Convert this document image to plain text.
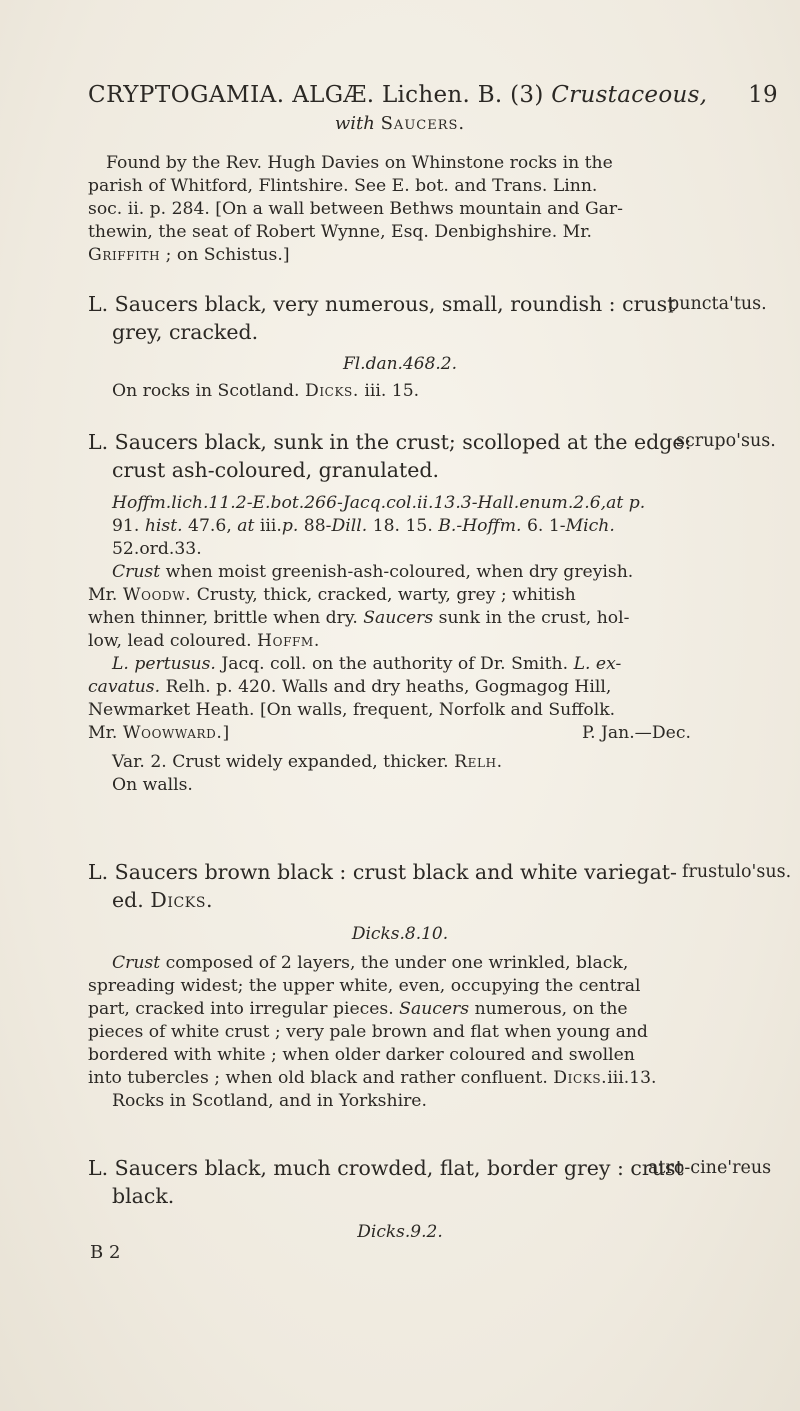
CRYPTOGAMIA. ALGÆ. Lichen. B. (3) Crustaceous, 19
with Saucers.

Found by the Rev. Hugh Davies on Whinstone rocks in the

parish of Whitford, Flintshire. See E. bot. and Trans. Linn.

soc. ii. p. 284. [On a wall between Bethws mountain and Gar-

thewin, the seat of Robert Wynne, Esq. Denbighshire. Mr.

Griffith ; on Schistus.]

L. Saucers black, very numerous, small, roundish : crust

grey, cracked.

Fl.dan.468.2.

On rocks in Scotland. Dicks. iii. 15.

puncta'tus.

L. Saucers black, sunk in the crust; scolloped at the edge:

crust ash-coloured, granulated.

Hoffm.lich.11.2-E.bot.266-Jacq.col.ii.13.3-Hall.enum.2.6,at p.

91. hist. 47.6, at iii.p. 88-Dill. 18. 15. B.-Hoffm. 6. 1-Mich.

52.ord.33.

Crust when moist greenish-ash-coloured, when dry greyish.

Mr. Woodw. Crusty, thick, cracked, warty, grey ; whitish

when thinner, brittle when dry. Saucers sunk in the crust, hol-

low, lead coloured. Hoffm.

L. pertusus. Jacq. coll. on the authority of Dr. Smith. L. ex-

cavatus. Relh. p. 420. Walls and dry heaths, Gogmagog Hill,

Newmarket Heath. [On walls, frequent, Norfolk and Suffolk.

Mr. Woowward.]	P. Jan.—Dec.

Var. 2. Crust widely expanded, thicker. Relh.

On walls.

scrupo'sus.

L. Saucers brown black : crust black and white variegat-

ed. Dicks.

Dicks.8.10.

Crust composed of 2 layers, the under one wrinkled, black,

spreading widest; the upper white, even, occupying the central

part, cracked into irregular pieces. Saucers numerous, on the

pieces of white crust ; very pale brown and flat when young and

bordered with white ; when older darker coloured and swollen

into tubercles ; when old black and rather confluent. Dicks.iii.13.

Rocks in Scotland, and in Yorkshire.

frustulo'sus.

L. Saucers black, much crowded, flat, border grey : crust

black.

Dicks.9.2.

atro-cine'reus
B 2
